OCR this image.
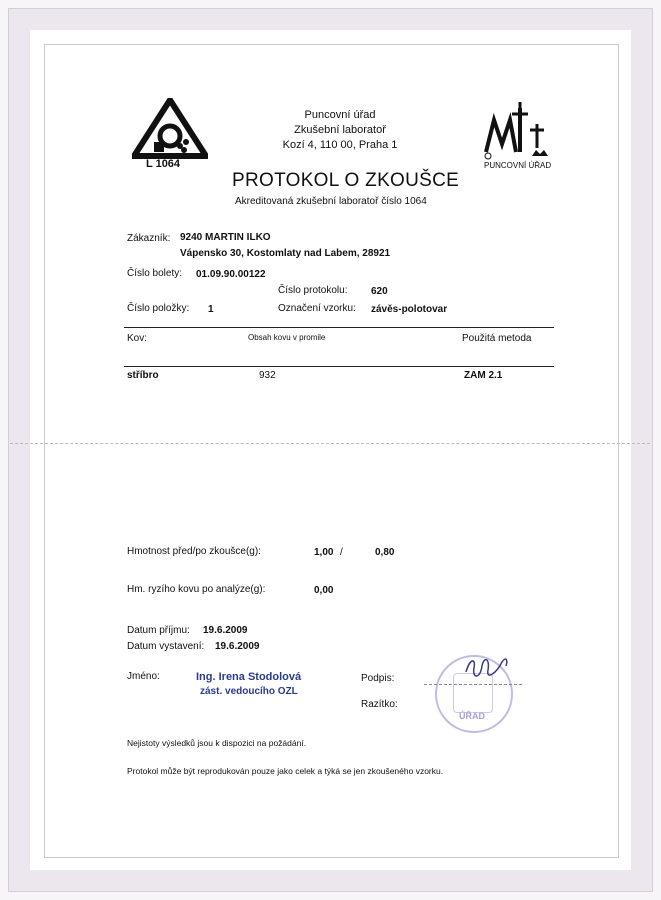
L 1064
Puncovní úřad
Zkušební laboratoř
Kozí 4, 110 00, Praha 1
PUNCOVNÍ ÚŘAD
PROTOKOL O ZKOUŠCE
Akreditovaná zkušební laboratoř číslo 1064
Zákazník: 9240 MARTIN ILKO
Vápensko 30, Kostomlaty nad Labem, 28921
Číslo bolety: 01.09.90.00122
Číslo protokolu: 620
Číslo položky: 1	Označení vzorku: závěs-polotovar
Kov:	Obsah kovu v promile	Použitá metoda
stříbro	932	ZAM 2.1
Hmotnost před/po zkoušce(g):	1,00 /	0,80
Hm. ryzího kovu po analýze(g):	0,00
Datum příjmu: 19.6.2009
Datum vystavení: 19.6.2009
Jméno:	Ing. Irena Stodolová
zást. vedoucího OZL
Podpis:
Razítko:
ÚŘAD
Nejistoty výsledků jsou k dispozici na požádání.
Protokol může být reprodukován pouze jako celek a týká se jen zkoušeného vzorku.
